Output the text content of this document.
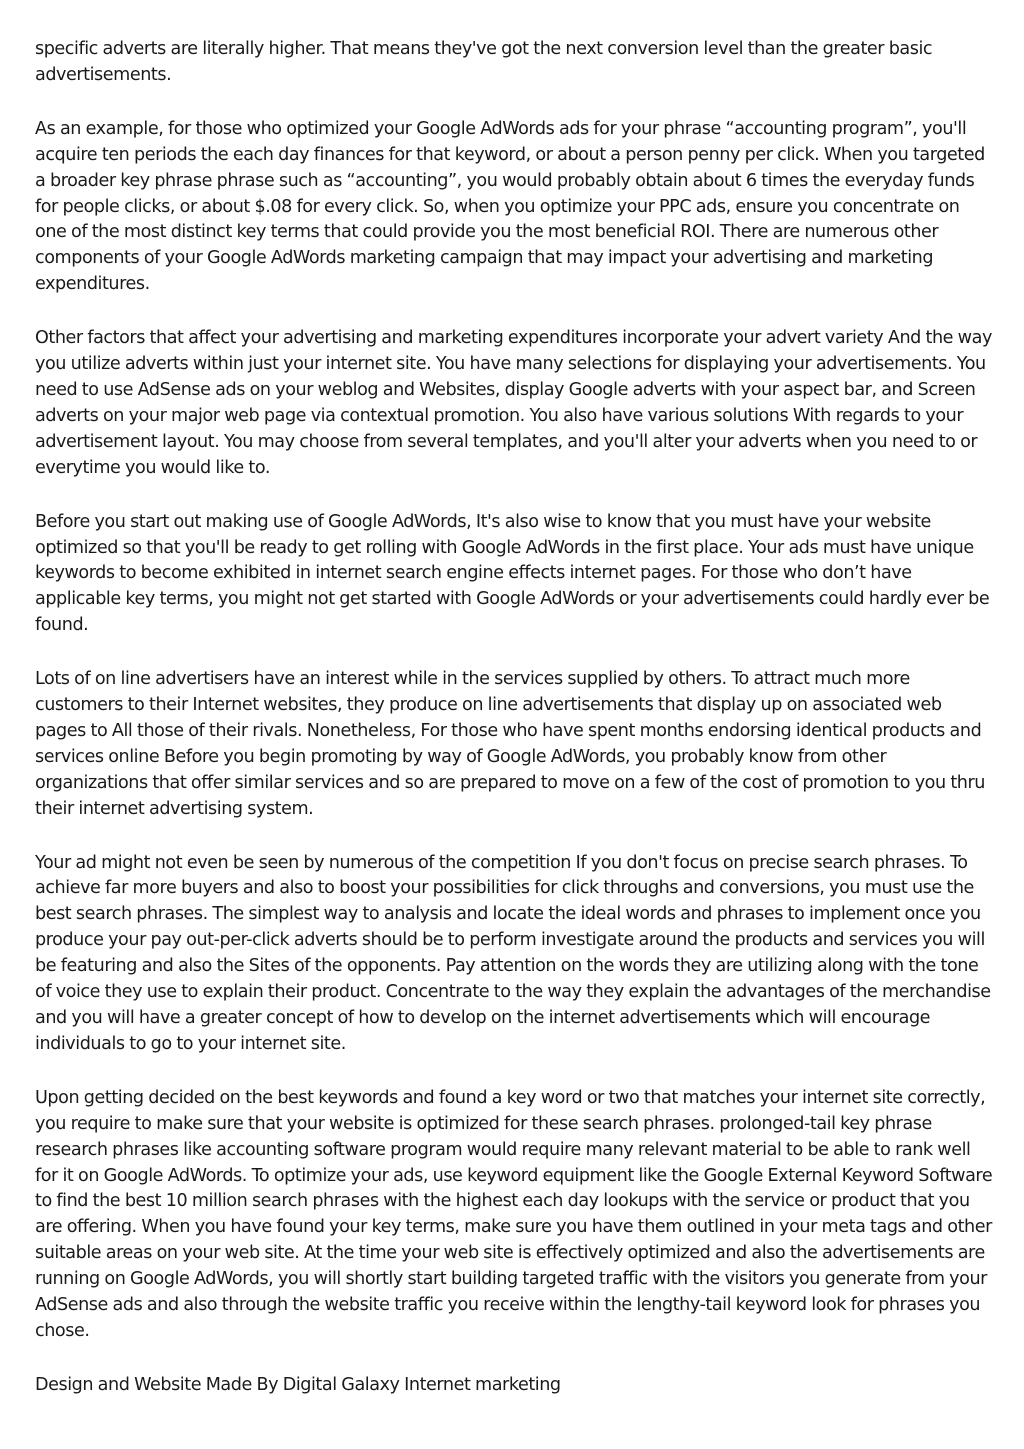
specific adverts are literally higher. That means they've got the next conversion level than the greater basic advertisements.

As an example, for those who optimized your Google AdWords ads for your phrase “accounting program”, you'll acquire ten periods the each day finances for that keyword, or about a person penny per click. When you targeted a broader key phrase phrase such as “accounting”, you would probably obtain about 6 times the everyday funds for people clicks, or about $.08 for every click. So, when you optimize your PPC ads, ensure you concentrate on one of the most distinct key terms that could provide you the most beneficial ROI. There are numerous other components of your Google AdWords marketing campaign that may impact your advertising and marketing expenditures.

Other factors that affect your advertising and marketing expenditures incorporate your advert variety And the way you utilize adverts within just your internet site. You have many selections for displaying your advertisements. You need to use AdSense ads on your weblog and Websites, display Google adverts with your aspect bar, and Screen adverts on your major web page via contextual promotion. You also have various solutions With regards to your advertisement layout. You may choose from several templates, and you'll alter your adverts when you need to or everytime you would like to.

Before you start out making use of Google AdWords, It's also wise to know that you must have your website optimized so that you'll be ready to get rolling with Google AdWords in the first place. Your ads must have unique keywords to become exhibited in internet search engine effects internet pages. For those who don’t have applicable key terms, you might not get started with Google AdWords or your advertisements could hardly ever be found.

Lots of on line advertisers have an interest while in the services supplied by others. To attract much more customers to their Internet websites, they produce on line advertisements that display up on associated web pages to All those of their rivals. Nonetheless, For those who have spent months endorsing identical products and services online Before you begin promoting by way of Google AdWords, you probably know from other organizations that offer similar services and so are prepared to move on a few of the cost of promotion to you thru their internet advertising system.

Your ad might not even be seen by numerous of the competition If you don't focus on precise search phrases. To achieve far more buyers and also to boost your possibilities for click throughs and conversions, you must use the best search phrases. The simplest way to analysis and locate the ideal words and phrases to implement once you produce your pay out-per-click adverts should be to perform investigate around the products and services you will be featuring and also the Sites of the opponents. Pay attention on the words they are utilizing along with the tone of voice they use to explain their product. Concentrate to the way they explain the advantages of the merchandise and you will have a greater concept of how to develop on the internet advertisements which will encourage individuals to go to your internet site.

Upon getting decided on the best keywords and found a key word or two that matches your internet site correctly, you require to make sure that your website is optimized for these search phrases. prolonged-tail key phrase research phrases like accounting software program would require many relevant material to be able to rank well for it on Google AdWords. To optimize your ads, use keyword equipment like the Google External Keyword Software to find the best 10 million search phrases with the highest each day lookups with the service or product that you are offering. When you have found your key terms, make sure you have them outlined in your meta tags and other suitable areas on your web site. At the time your web site is effectively optimized and also the advertisements are running on Google AdWords, you will shortly start building targeted traffic with the visitors you generate from your AdSense ads and also through the website traffic you receive within the lengthy-tail keyword look for phrases you chose.

Design and Website Made By Digital Galaxy Internet marketing
